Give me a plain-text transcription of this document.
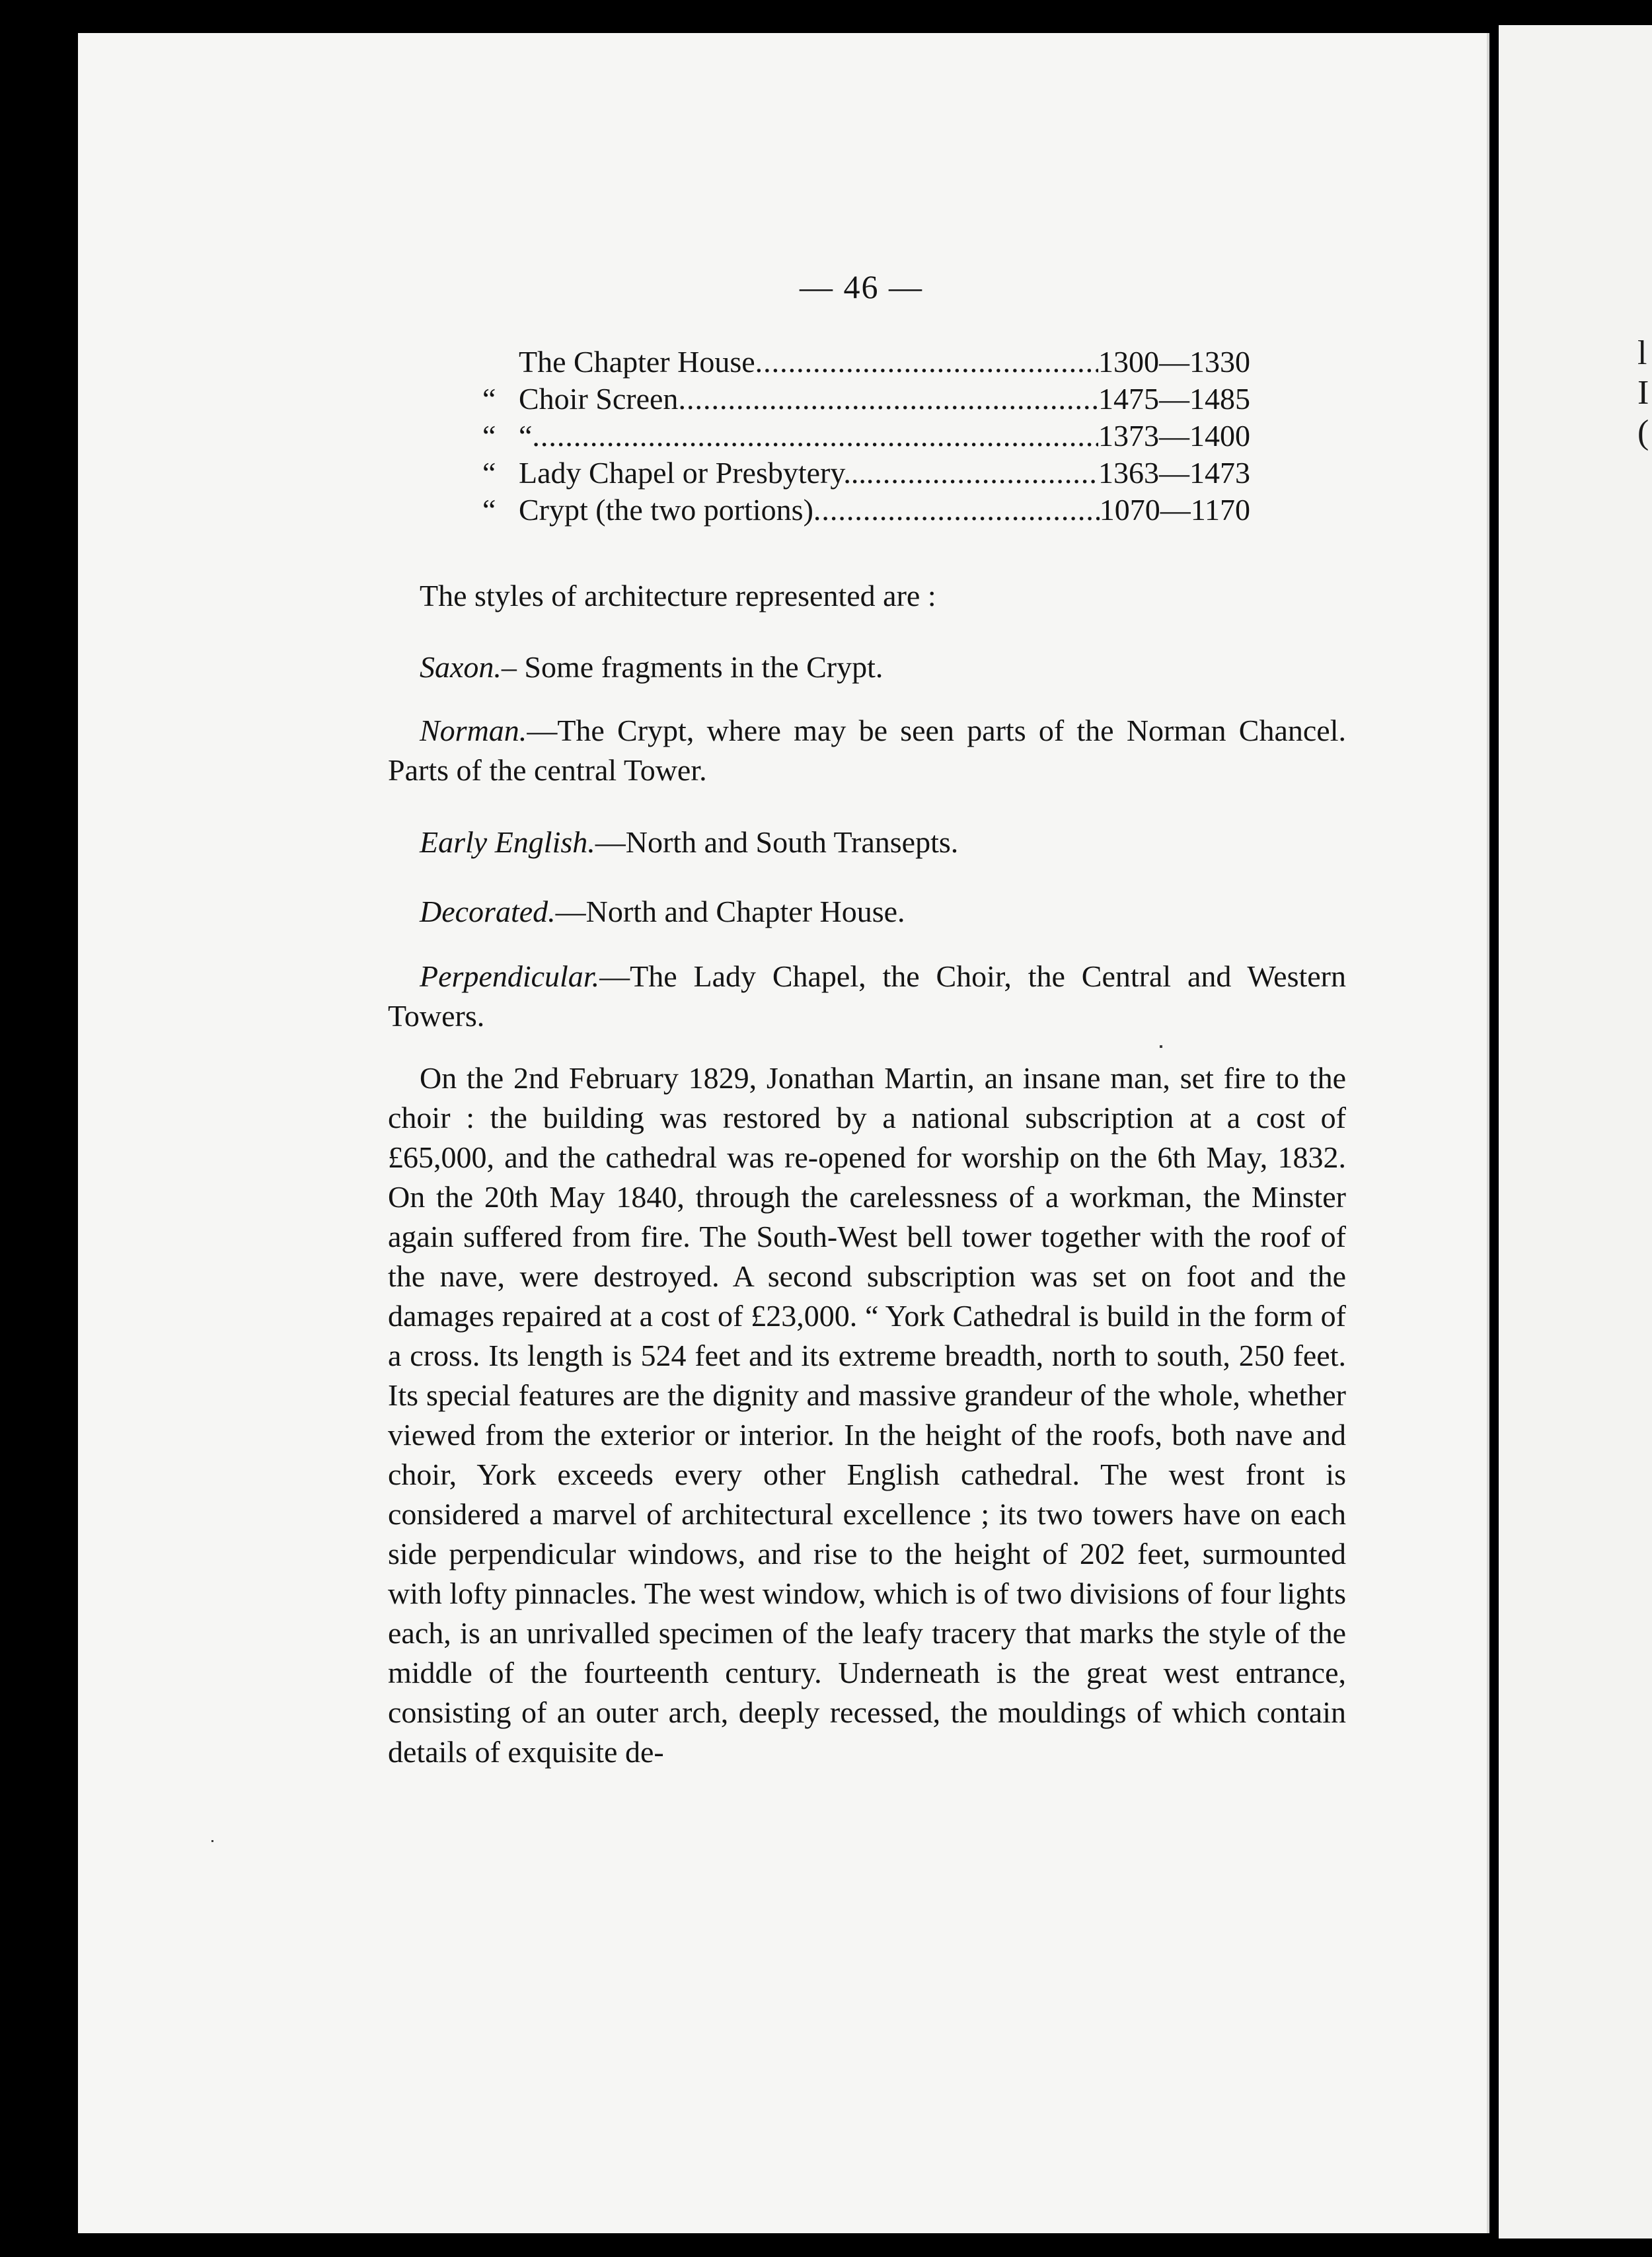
l
I
(
— 46 —
The Chapter House .....	1300—1330
“ Choir Screen .....	1475—1485
“ “ .....	1373—1400
“ Lady Chapel or Presbytery... .....	1363—1473
“ Crypt (the two portions) .....	1070—1170
The styles of architecture represented are :
Saxon.– Some fragments in the Crypt.
Norman.—The Crypt, where may be seen parts of the Norman Chancel. Parts of the central Tower.
Early English.—North and South Transepts.
Decorated.—North and Chapter House.
Perpendicular.—The Lady Chapel, the Choir, the Central and Western Towers.
On the 2nd February 1829, Jonathan Martin, an insane man, set fire to the choir : the building was restored by a national subscription at a cost of £65,000, and the cathedral was re-opened for worship on the 6th May, 1832. On the 20th May 1840, through the carelessness of a workman, the Minster again suffered from fire. The South-West bell tower together with the roof of the nave, were destroyed. A second subscription was set on foot and the damages repaired at a cost of £23,000. “ York Cathedral is build in the form of a cross. Its length is 524 feet and its extreme breadth, north to south, 250 feet. Its special features are the dignity and massive grandeur of the whole, whether viewed from the exterior or interior. In the height of the roofs, both nave and choir, York exceeds every other English cathedral. The west front is considered a marvel of architectural excellence ; its two towers have on each side perpendicular windows, and rise to the height of 202 feet, surmounted with lofty pinnacles. The west window, which is of two divisions of four lights each, is an unrivalled specimen of the leafy tracery that marks the style of the middle of the fourteenth century. Underneath is the great west entrance, consisting of an outer arch, deeply recessed, the mouldings of which contain details of exquisite de-
